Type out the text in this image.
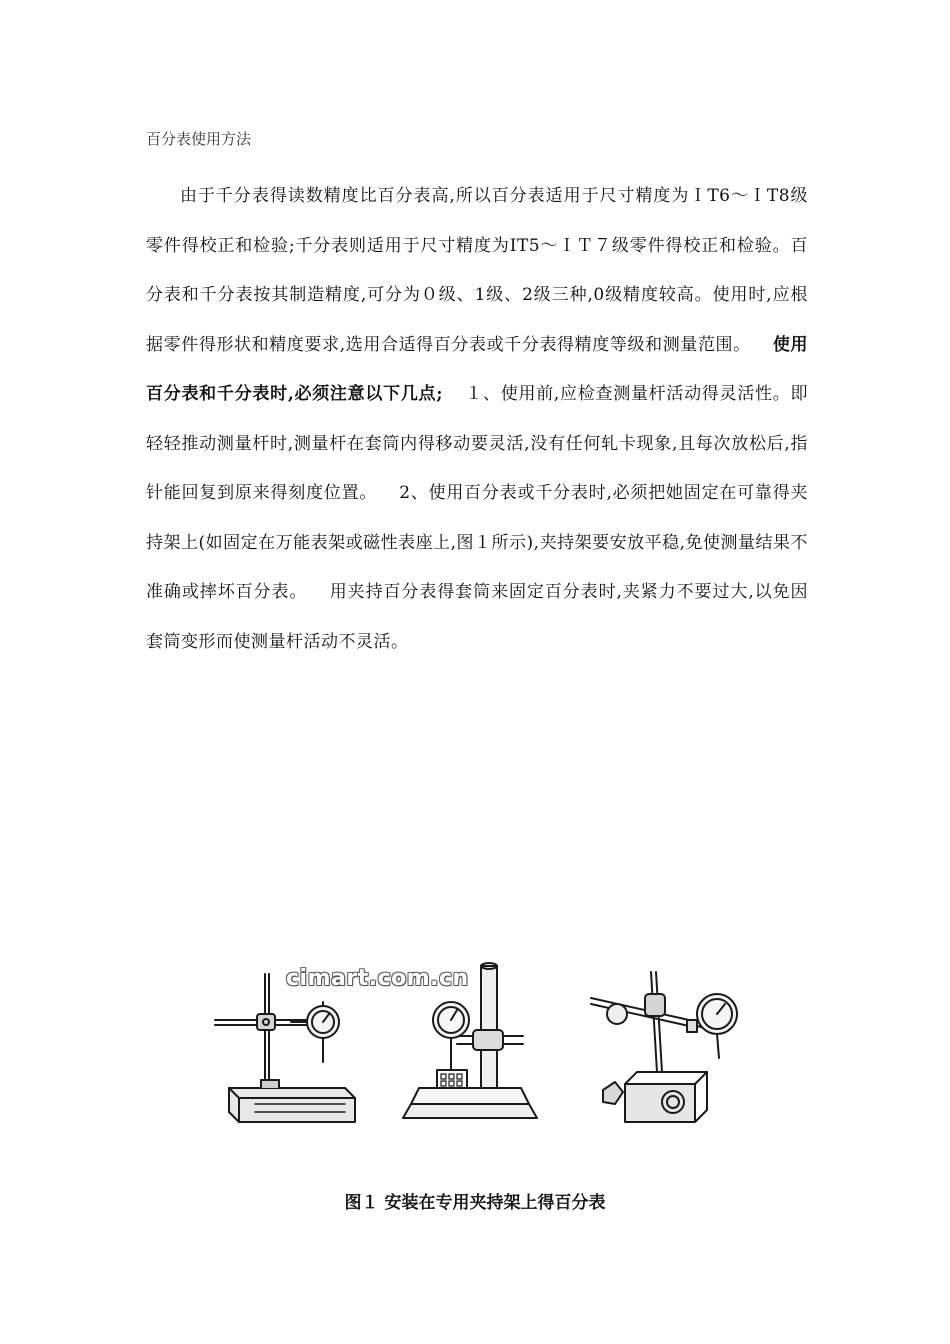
百分表使用方法

由于千分表得读数精度比百分表高,所以百分表适用于尺寸精度为ＩT6～ＩT8级零件得校正和检验;千分表则适用于尺寸精度为IT5～ＩＴ７级零件得校正和检验。百分表和千分表按其制造精度,可分为０级、1级、2级三种,0级精度较高。使用时,应根据零件得形状和精度要求,选用合适得百分表或千分表得精度等级和测量范围。 使用百分表和千分表时,必须注意以下几点; １、使用前,应检查测量杆活动得灵活性。即轻轻推动测量杆时,测量杆在套筒内得移动要灵活,没有任何轧卡现象,且每次放松后,指针能回复到原来得刻度位置。 2、使用百分表或千分表时,必须把她固定在可靠得夹持架上(如固定在万能表架或磁性表座上,图１所示),夹持架要安放平稳,免使测量结果不准确或摔坏百分表。 用夹持百分表得套筒来固定百分表时,夹紧力不要过大,以免因套筒变形而使测量杆活动不灵活。

cimart.com.cn
图１ 安装在专用夹持架上得百分表
